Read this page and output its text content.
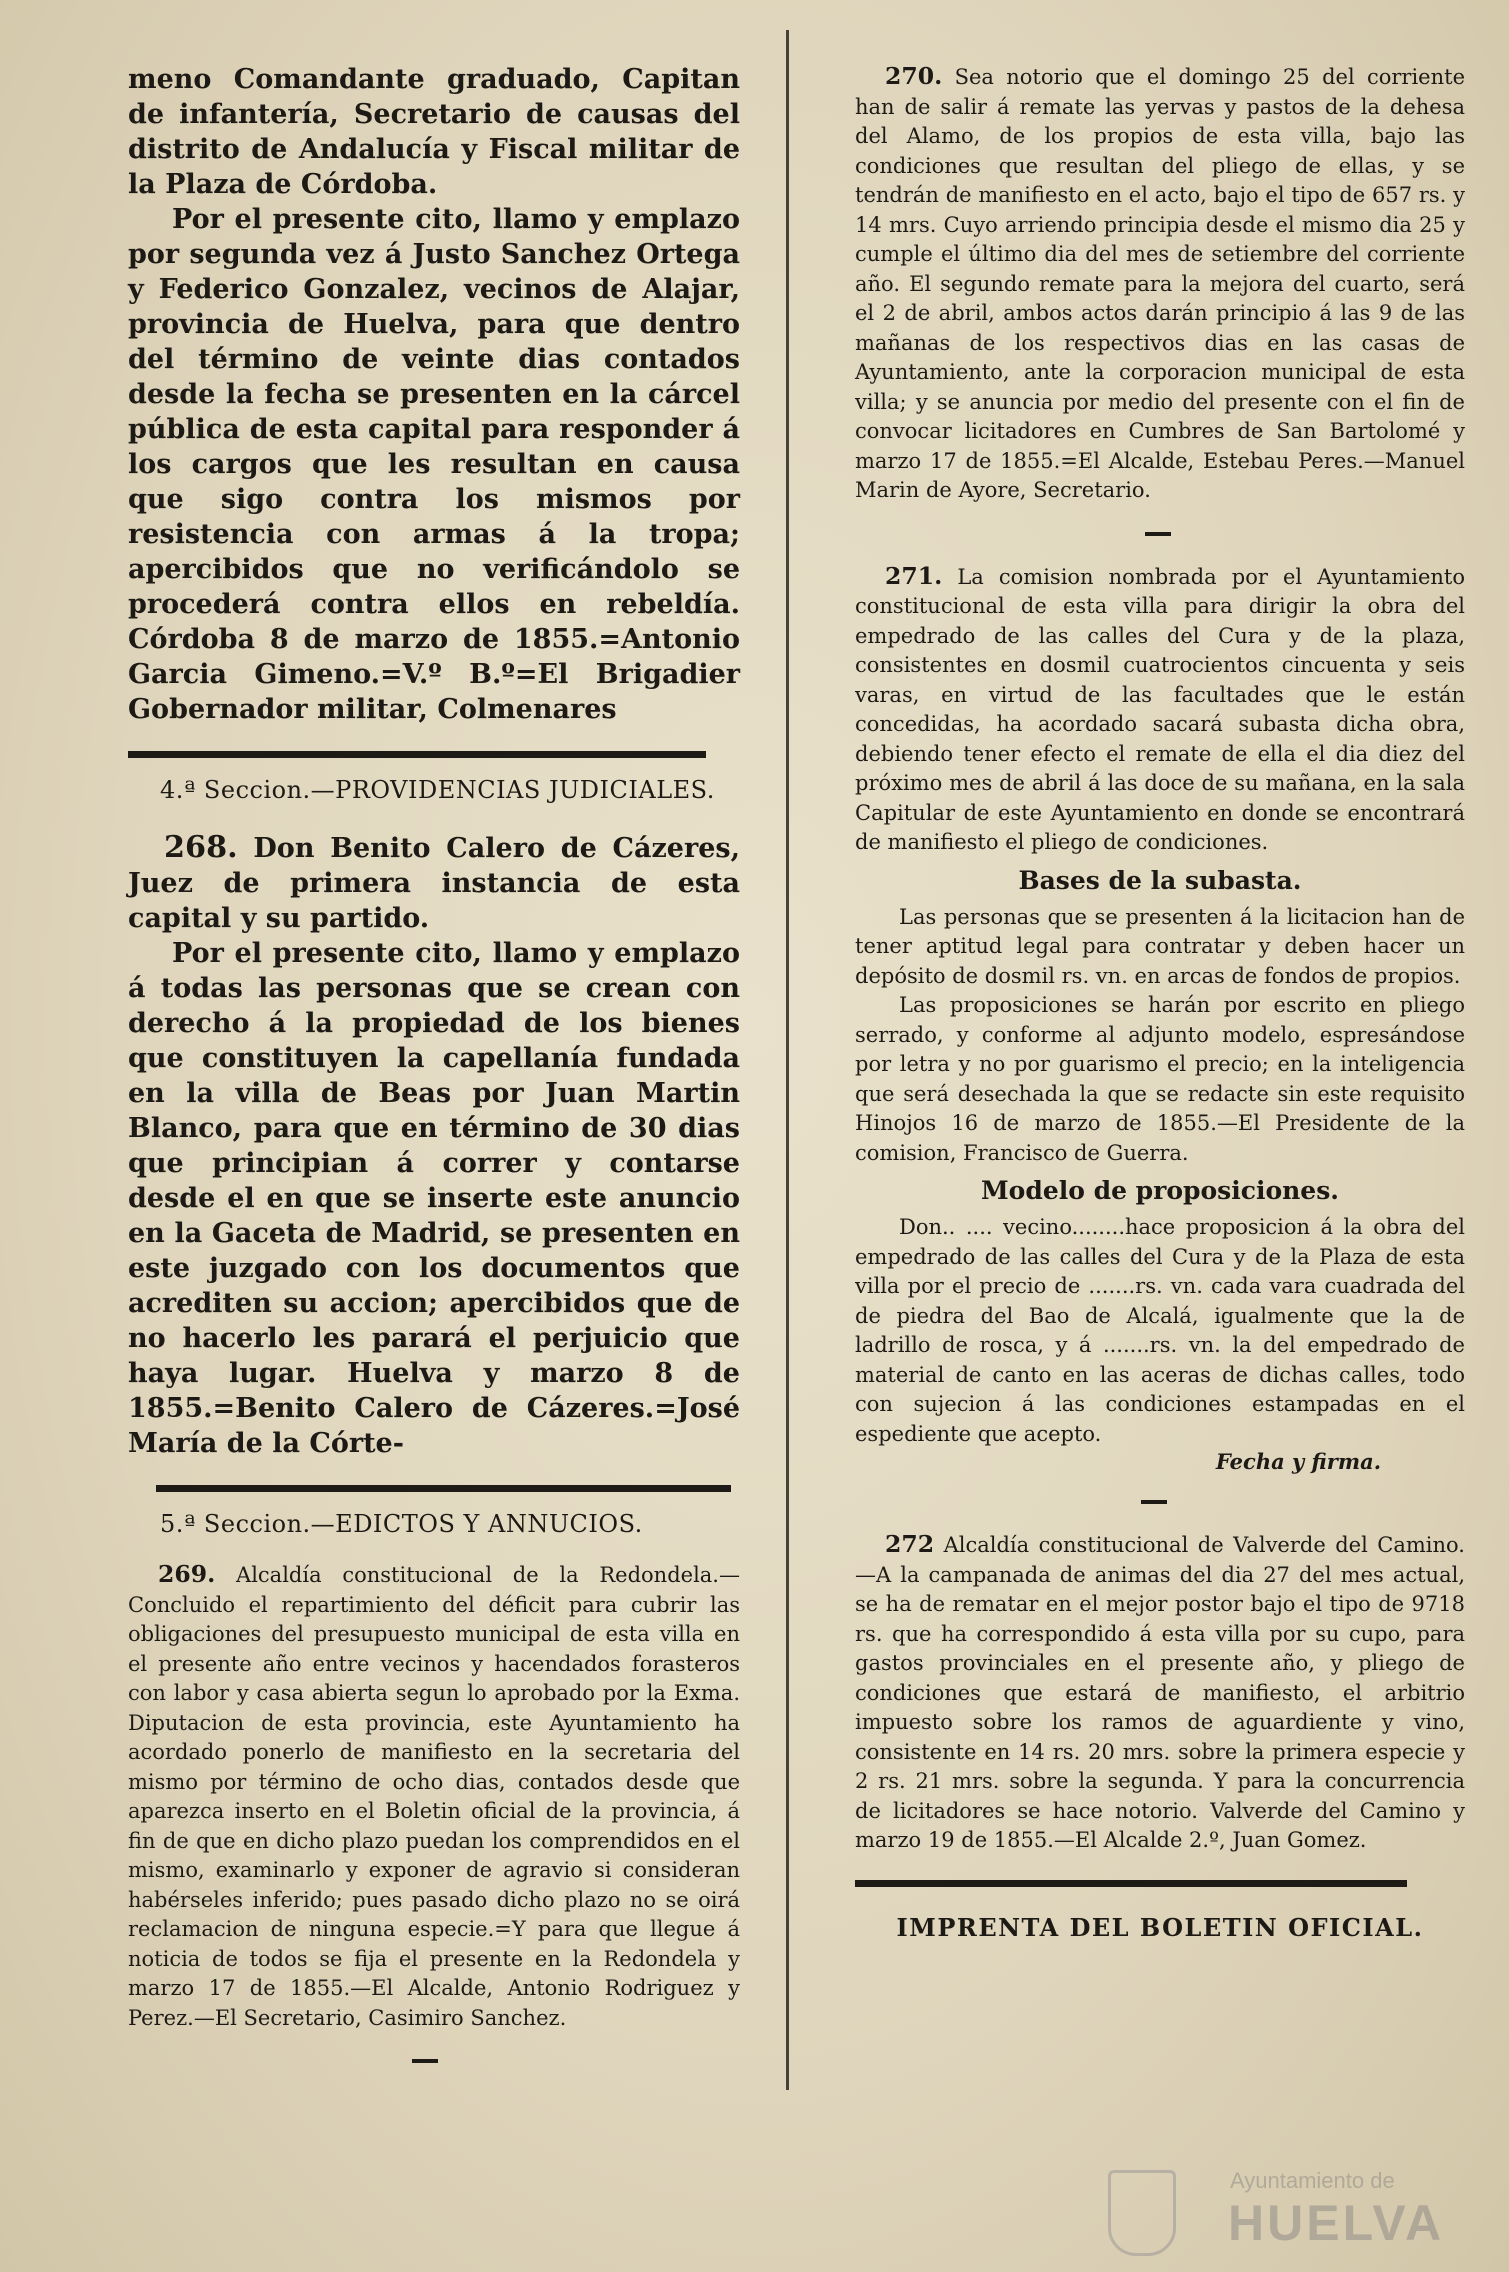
meno Comandante graduado, Capitan de infantería, Secretario de causas del distrito de Andalucía y Fiscal militar de la Plaza de Córdoba.

Por el presente cito, llamo y emplazo por segunda vez á Justo Sanchez Ortega y Federico Gonzalez, vecinos de Alajar, provincia de Huelva, para que dentro del término de veinte dias contados desde la fecha se presenten en la cárcel pública de esta capital para responder á los cargos que les resultan en causa que sigo contra los mismos por resistencia con armas á la tropa; apercibidos que no verificándolo se procederá contra ellos en rebeldía. Córdoba 8 de marzo de 1855.=Antonio Garcia Gimeno.=V.º B.º=El Brigadier Gobernador militar, Colmenares

4.ª Seccion.—PROVIDENCIAS JUDICIALES.

268. Don Benito Calero de Cázeres, Juez de primera instancia de esta capital y su partido.

Por el presente cito, llamo y emplazo á todas las personas que se crean con derecho á la propiedad de los bienes que constituyen la capellanía fundada en la villa de Beas por Juan Martin Blanco, para que en término de 30 dias que principian á correr y contarse desde el en que se inserte este anuncio en la Gaceta de Madrid, se presenten en este juzgado con los documentos que acrediten su accion; apercibidos que de no hacerlo les parará el perjuicio que haya lugar. Huelva y marzo 8 de 1855.=Benito Calero de Cázeres.=José María de la Córte-

5.ª Seccion.—EDICTOS Y ANNUCIOS.

269. Alcaldía constitucional de la Redondela.—Concluido el repartimiento del déficit para cubrir las obligaciones del presupuesto municipal de esta villa en el presente año entre vecinos y hacendados forasteros con labor y casa abierta segun lo aprobado por la Exma. Diputacion de esta provincia, este Ayuntamiento ha acordado ponerlo de manifiesto en la secretaria del mismo por término de ocho dias, contados desde que aparezca inserto en el Boletin oficial de la provincia, á fin de que en dicho plazo puedan los comprendidos en el mismo, examinarlo y exponer de agravio si consideran habérseles inferido; pues pasado dicho plazo no se oirá reclamacion de ninguna especie.=Y para que llegue á noticia de todos se fija el presente en la Redondela y marzo 17 de 1855.—El Alcalde, Antonio Rodriguez y Perez.—El Secretario, Casimiro Sanchez.

270. Sea notorio que el domingo 25 del corriente han de salir á remate las yervas y pastos de la dehesa del Alamo, de los propios de esta villa, bajo las condiciones que resultan del pliego de ellas, y se tendrán de manifiesto en el acto, bajo el tipo de 657 rs. y 14 mrs. Cuyo arriendo principia desde el mismo dia 25 y cumple el último dia del mes de setiembre del corriente año. El segundo remate para la mejora del cuarto, será el 2 de abril, ambos actos darán principio á las 9 de las mañanas de los respectivos dias en las casas de Ayuntamiento, ante la corporacion municipal de esta villa; y se anuncia por medio del presente con el fin de convocar licitadores en Cumbres de San Bartolomé y marzo 17 de 1855.=El Alcalde, Estebau Peres.—Manuel Marin de Ayore, Secretario.

271. La comision nombrada por el Ayuntamiento constitucional de esta villa para dirigir la obra del empedrado de las calles del Cura y de la plaza, consistentes en dosmil cuatrocientos cincuenta y seis varas, en virtud de las facultades que le están concedidas, ha acordado sacará subasta dicha obra, debiendo tener efecto el remate de ella el dia diez del próximo mes de abril á las doce de su mañana, en la sala Capitular de este Ayuntamiento en donde se encontrará de manifiesto el pliego de condiciones.

Bases de la subasta.

Las personas que se presenten á la licitacion han de tener aptitud legal para contratar y deben hacer un depósito de dosmil rs. vn. en arcas de fondos de propios.

Las proposiciones se harán por escrito en pliego serrado, y conforme al adjunto modelo, espresándose por letra y no por guarismo el precio; en la inteligencia que será desechada la que se redacte sin este requisito Hinojos 16 de marzo de 1855.—El Presidente de la comision, Francisco de Guerra.

Modelo de proposiciones.

Don.. .... vecino........hace proposicion á la obra del empedrado de las calles del Cura y de la Plaza de esta villa por el precio de .......rs. vn. cada vara cuadrada del de piedra del Bao de Alcalá, igualmente que la de ladrillo de rosca, y á .......rs. vn. la del empedrado de material de canto en las aceras de dichas calles, todo con sujecion á las condiciones estampadas en el espediente que acepto.

Fecha y firma.

272 Alcaldía constitucional de Valverde del Camino.—A la campanada de animas del dia 27 del mes actual, se ha de rematar en el mejor postor bajo el tipo de 9718 rs. que ha correspondido á esta villa por su cupo, para gastos provinciales en el presente año, y pliego de condiciones que estará de manifiesto, el arbitrio impuesto sobre los ramos de aguardiente y vino, consistente en 14 rs. 20 mrs. sobre la primera especie y 2 rs. 21 mrs. sobre la segunda. Y para la concurrencia de licitadores se hace notorio. Valverde del Camino y marzo 19 de 1855.—El Alcalde 2.º, Juan Gomez.

IMPRENTA DEL BOLETIN OFICIAL.
Ayuntamiento de
HUELVA
